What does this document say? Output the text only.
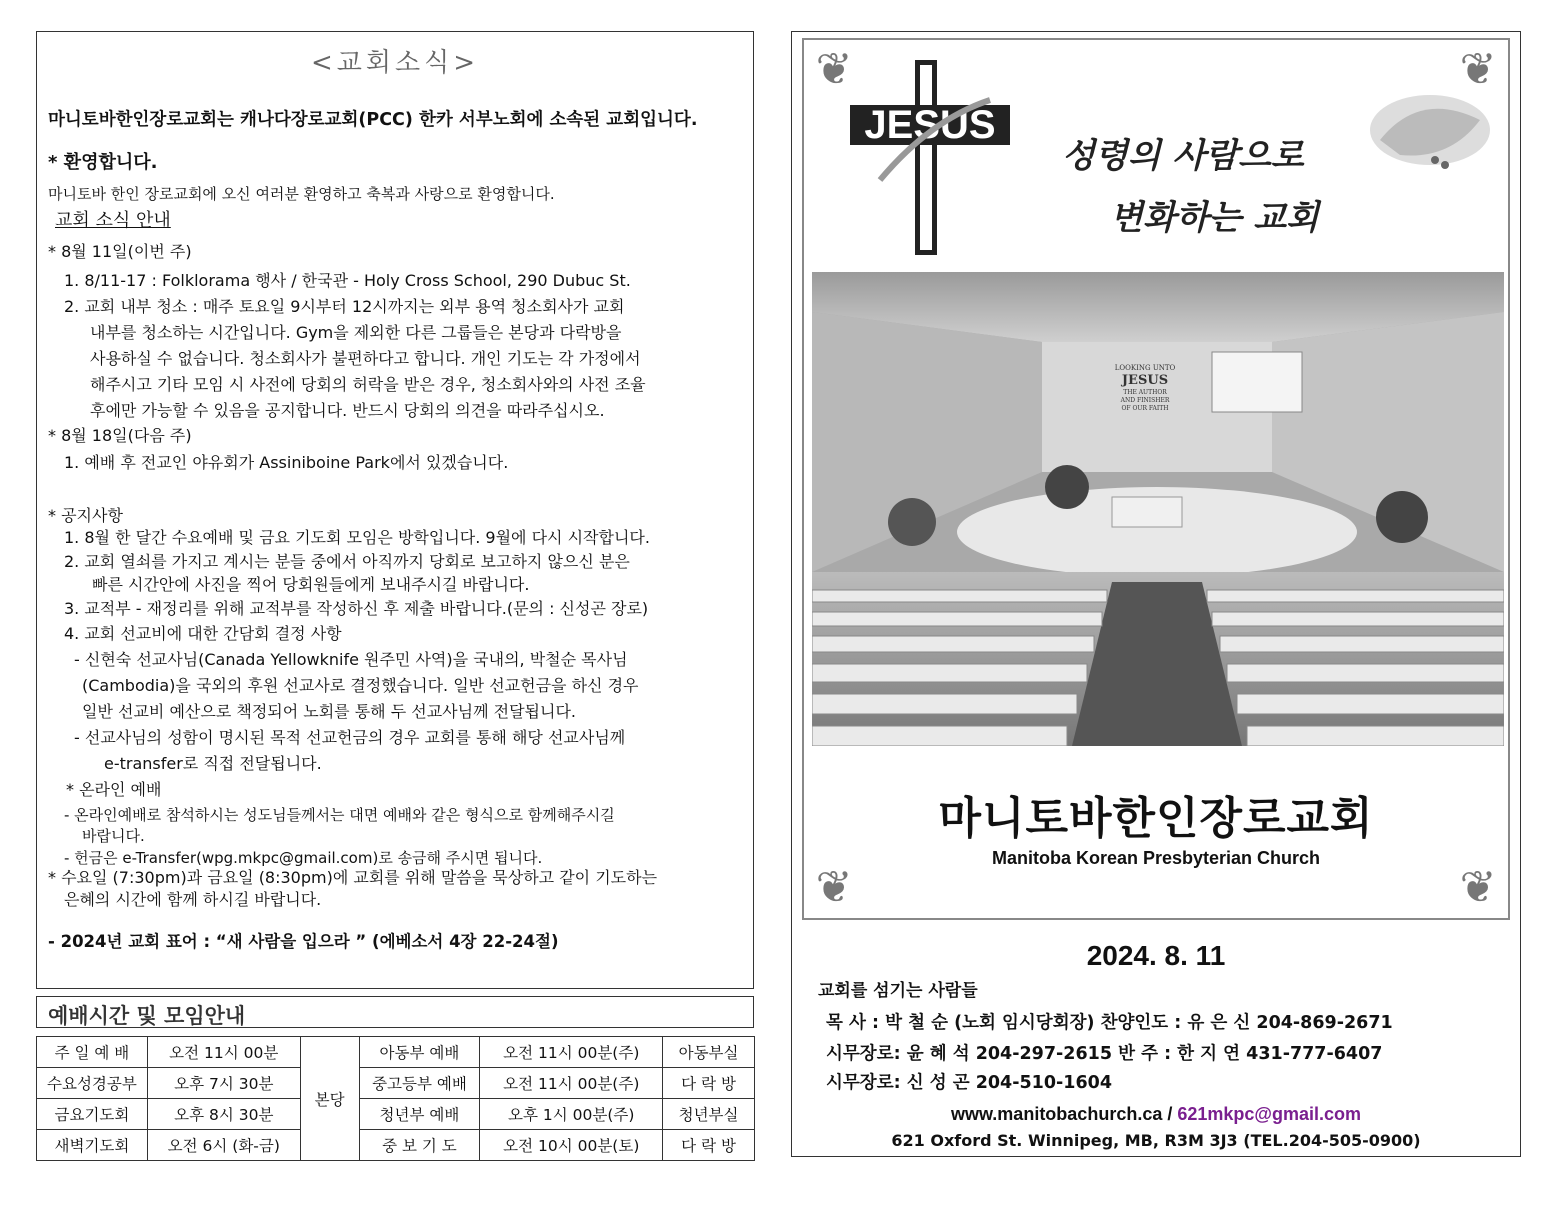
<교회소식>
마니토바한인장로교회는 캐나다장로교회(PCC) 한카 서부노회에 소속된 교회입니다.
* 환영합니다.
마니토바 한인 장로교회에 오신 여러분 환영하고 축복과 사랑으로 환영합니다.
교회 소식 안내
* 8월 11일(이번 주)
1. 8/11-17 : Folklorama 행사 / 한국관 - Holy Cross School, 290 Dubuc St.
2. 교회 내부 청소 : 매주 토요일 9시부터 12시까지는 외부 용역 청소회사가 교회
내부를 청소하는 시간입니다. Gym을 제외한 다른 그룹들은 본당과 다락방을
사용하실 수 없습니다. 청소회사가 불편하다고 합니다. 개인 기도는 각 가정에서
해주시고 기타 모임 시 사전에 당회의 허락을 받은 경우, 청소회사와의 사전 조율
후에만 가능할 수 있음을 공지합니다. 반드시 당회의 의견을 따라주십시오.
* 8월 18일(다음 주)
1. 예배 후 전교인 야유회가 Assiniboine Park에서 있겠습니다.
* 공지사항
1. 8월 한 달간 수요예배 및 금요 기도회 모임은 방학입니다. 9월에 다시 시작합니다.
2. 교회 열쇠를 가지고 계시는 분들 중에서 아직까지 당회로 보고하지 않으신 분은
빠른 시간안에 사진을 찍어 당회원들에게 보내주시길 바랍니다.
3. 교적부 - 재정리를 위해 교적부를 작성하신 후 제출 바랍니다.(문의 : 신성곤 장로)
4. 교회 선교비에 대한 간담회 결정 사항
- 신현숙 선교사님(Canada Yellowknife 원주민 사역)을 국내의, 박철순 목사님
(Cambodia)을 국외의 후원 선교사로 결정했습니다. 일반 선교헌금을 하신 경우
일반 선교비 예산으로 책정되어 노회를 통해 두 선교사님께 전달됩니다.
- 선교사님의 성함이 명시된 목적 선교헌금의 경우 교회를 통해 해당 선교사님께
e-transfer로 직접 전달됩니다.
* 온라인 예배
- 온라인예배로 참석하시는 성도님들께서는 대면 예배와 같은 형식으로 함께해주시길
바랍니다.
- 헌금은 e-Transfer(wpg.mkpc@gmail.com)로 송금해 주시면 됩니다.
* 수요일 (7:30pm)과 금요일 (8:30pm)에 교회를 위해 말씀을 묵상하고 같이 기도하는
은혜의 시간에 함께 하시길 바랍니다.
- 2024년 교회 표어 : “새 사람을 입으라 ” (에베소서 4장 22-24절)
예배시간 및 모임안내
주 일 예 배	오전 11시 00분	본당	아동부 예배	오전 11시 00분(주)	아동부실
수요성경공부	오후 7시 30분		중고등부 예배	오전 11시 00분(주)	다 락 방
금요기도회	오후 8시 30분		청년부 예배	오후 1시 00분(주)	청년부실
새벽기도회	오전 6시 (화-금)		중 보 기 도	오전 10시 00분(토)	다 락 방
❦	❦
❦	❦
JESUS
성령의 사람으로
변화하는 교회
LOOKING UNTO
JESUS
THE AUTHOR
AND FINISHER
OF OUR FAITH
마니토바한인장로교회
Manitoba Korean Presbyterian Church
2024. 8. 11
교회를 섬기는 사람들
목 사 : 박 철 순 (노회 임시당회장) 찬양인도 : 유 은 신 204-869-2671
시무장로: 윤 혜 석 204-297-2615 반 주 : 한 지 연 431-777-6407
시무장로: 신 성 곤 204-510-1604
www.manitobachurch.ca / 621mkpc@gmail.com
621 Oxford St. Winnipeg, MB, R3M 3J3 (TEL.204-505-0900)
